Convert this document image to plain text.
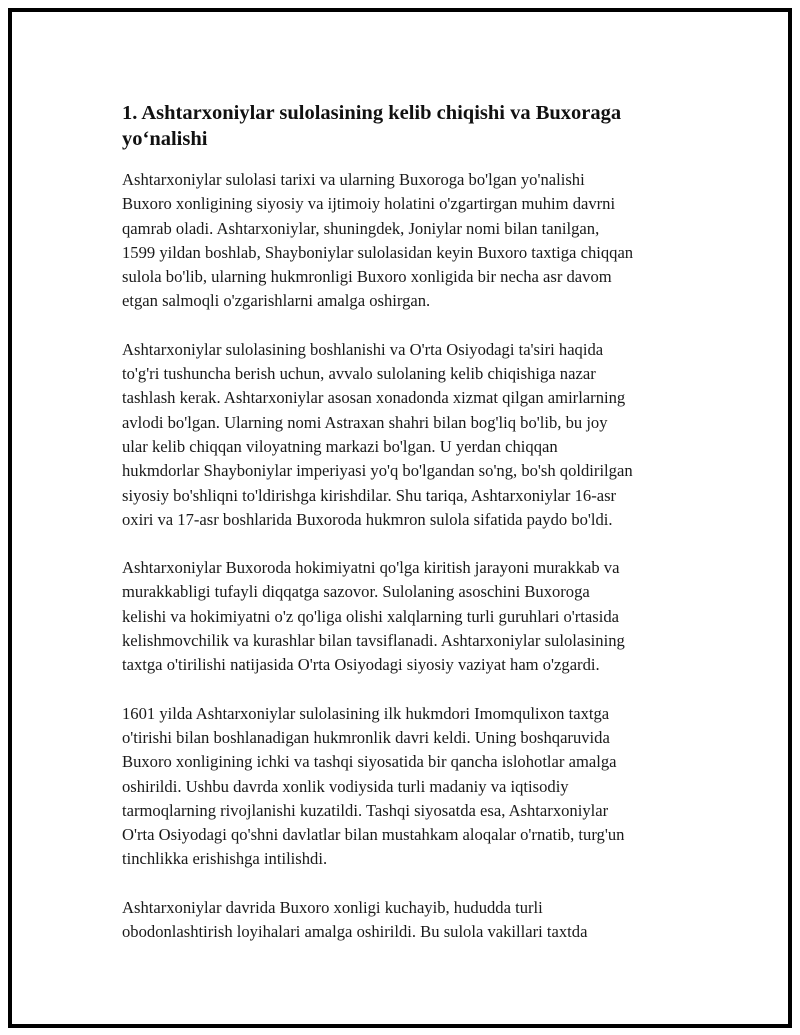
1. Ashtarxoniylar sulolasining kelib chiqishi va Buxoraga
yo‘nalishi

Ashtarxoniylar sulolasi tarixi va ularning Buxoroga bo'lgan yo'nalishi
Buxoro xonligining siyosiy va ijtimoiy holatini o'zgartirgan muhim davrni
qamrab oladi. Ashtarxoniylar, shuningdek, Joniylar nomi bilan tanilgan,
1599 yildan boshlab, Shayboniylar sulolasidan keyin Buxoro taxtiga chiqqan
sulola bo'lib, ularning hukmronligi Buxoro xonligida bir necha asr davom
etgan salmoqli o'zgarishlarni amalga oshirgan.

Ashtarxoniylar sulolasining boshlanishi va O'rta Osiyodagi ta'siri haqida
to'g'ri tushuncha berish uchun, avvalo sulolaning kelib chiqishiga nazar
tashlash kerak. Ashtarxoniylar asosan xonadonda xizmat qilgan amirlarning
avlodi bo'lgan. Ularning nomi Astraxan shahri bilan bog'liq bo'lib, bu joy
ular kelib chiqqan viloyatning markazi bo'lgan. U yerdan chiqqan
hukmdorlar Shayboniylar imperiyasi yo'q bo'lgandan so'ng, bo'sh qoldirilgan
siyosiy bo'shliqni to'ldirishga kirishdilar. Shu tariqa, Ashtarxoniylar 16-asr
oxiri va 17-asr boshlarida Buxoroda hukmron sulola sifatida paydo bo'ldi.

Ashtarxoniylar Buxoroda hokimiyatni qo'lga kiritish jarayoni murakkab va
murakkabligi tufayli diqqatga sazovor. Sulolaning asoschini Buxoroga
kelishi va hokimiyatni o'z qo'liga olishi xalqlarning turli guruhlari o'rtasida
kelishmovchilik va kurashlar bilan tavsiflanadi. Ashtarxoniylar sulolasining
taxtga o'tirilishi natijasida O'rta Osiyodagi siyosiy vaziyat ham o'zgardi.

1601 yilda Ashtarxoniylar sulolasining ilk hukmdori Imomqulixon taxtga
o'tirishi bilan boshlanadigan hukmronlik davri keldi. Uning boshqaruvida
Buxoro xonligining ichki va tashqi siyosatida bir qancha islohotlar amalga
oshirildi. Ushbu davrda xonlik vodiysida turli madaniy va iqtisodiy
tarmoqlarning rivojlanishi kuzatildi. Tashqi siyosatda esa, Ashtarxoniylar
O'rta Osiyodagi qo'shni davlatlar bilan mustahkam aloqalar o'rnatib, turg'un
tinchlikka erishishga intilishdi.

Ashtarxoniylar davrida Buxoro xonligi kuchayib, hududda turli
obodonlashtirish loyihalari amalga oshirildi. Bu sulola vakillari taxtda
